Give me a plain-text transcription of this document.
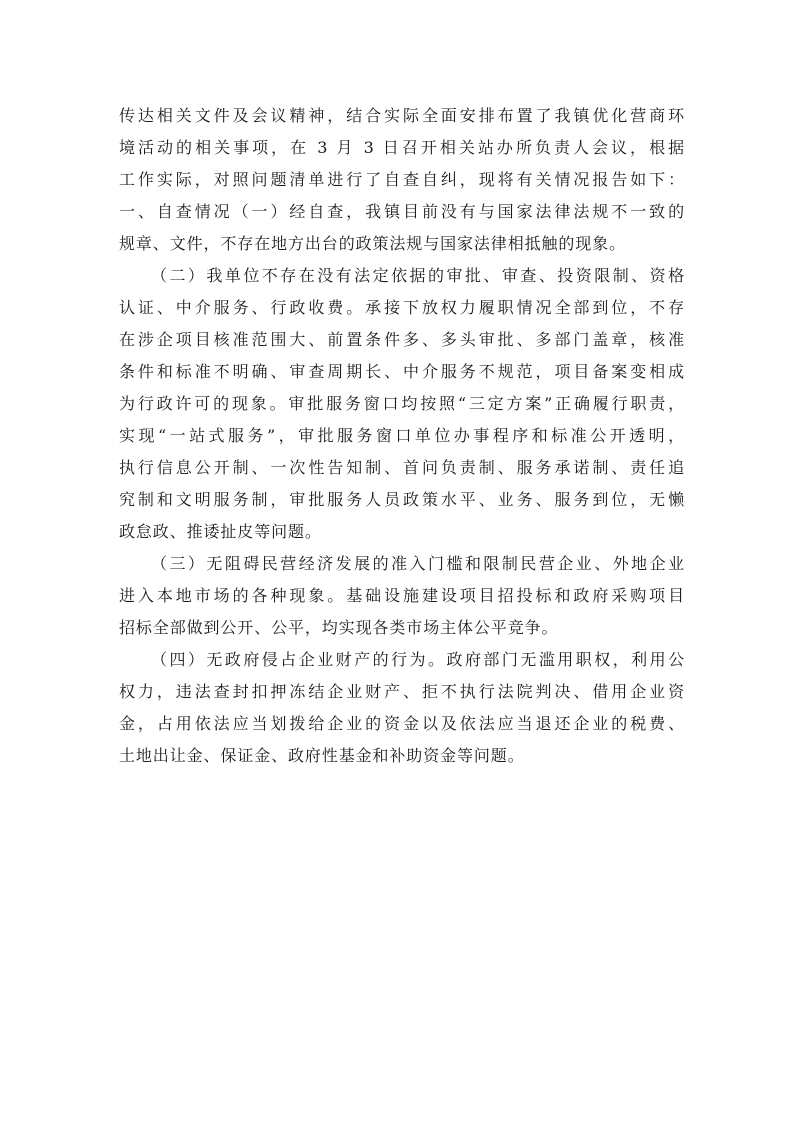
传达相关文件及会议精神，结合实际全面安排布置了我镇优化营商环
境活动的相关事项，在 3 月 3 日召开相关站办所负责人会议，根据
工作实际，对照问题清单进行了自查自纠，现将有关情况报告如下：
一、自查情况（一）经自查，我镇目前没有与国家法律法规不一致的
规章、文件，不存在地方出台的政策法规与国家法律相抵触的现象。
（二）我单位不存在没有法定依据的审批、审查、投资限制、资格
认证、中介服务、行政收费。承接下放权力履职情况全部到位，不存
在涉企项目核准范围大、前置条件多、多头审批、多部门盖章，核准
条件和标准不明确、审查周期长、中介服务不规范，项目备案变相成
为行政许可的现象。审批服务窗口均按照“三定方案”正确履行职责，
实现“一站式服务”，审批服务窗口单位办事程序和标准公开透明，
执行信息公开制、一次性告知制、首问负责制、服务承诺制、责任追
究制和文明服务制，审批服务人员政策水平、业务、服务到位，无懒
政怠政、推诿扯皮等问题。
（三）无阻碍民营经济发展的准入门槛和限制民营企业、外地企业
进入本地市场的各种现象。基础设施建设项目招投标和政府采购项目
招标全部做到公开、公平，均实现各类市场主体公平竞争。
（四）无政府侵占企业财产的行为。政府部门无滥用职权，利用公
权力，违法查封扣押冻结企业财产、拒不执行法院判决、借用企业资
金，占用依法应当划拨给企业的资金以及依法应当退还企业的税费、
土地出让金、保证金、政府性基金和补助资金等问题。
